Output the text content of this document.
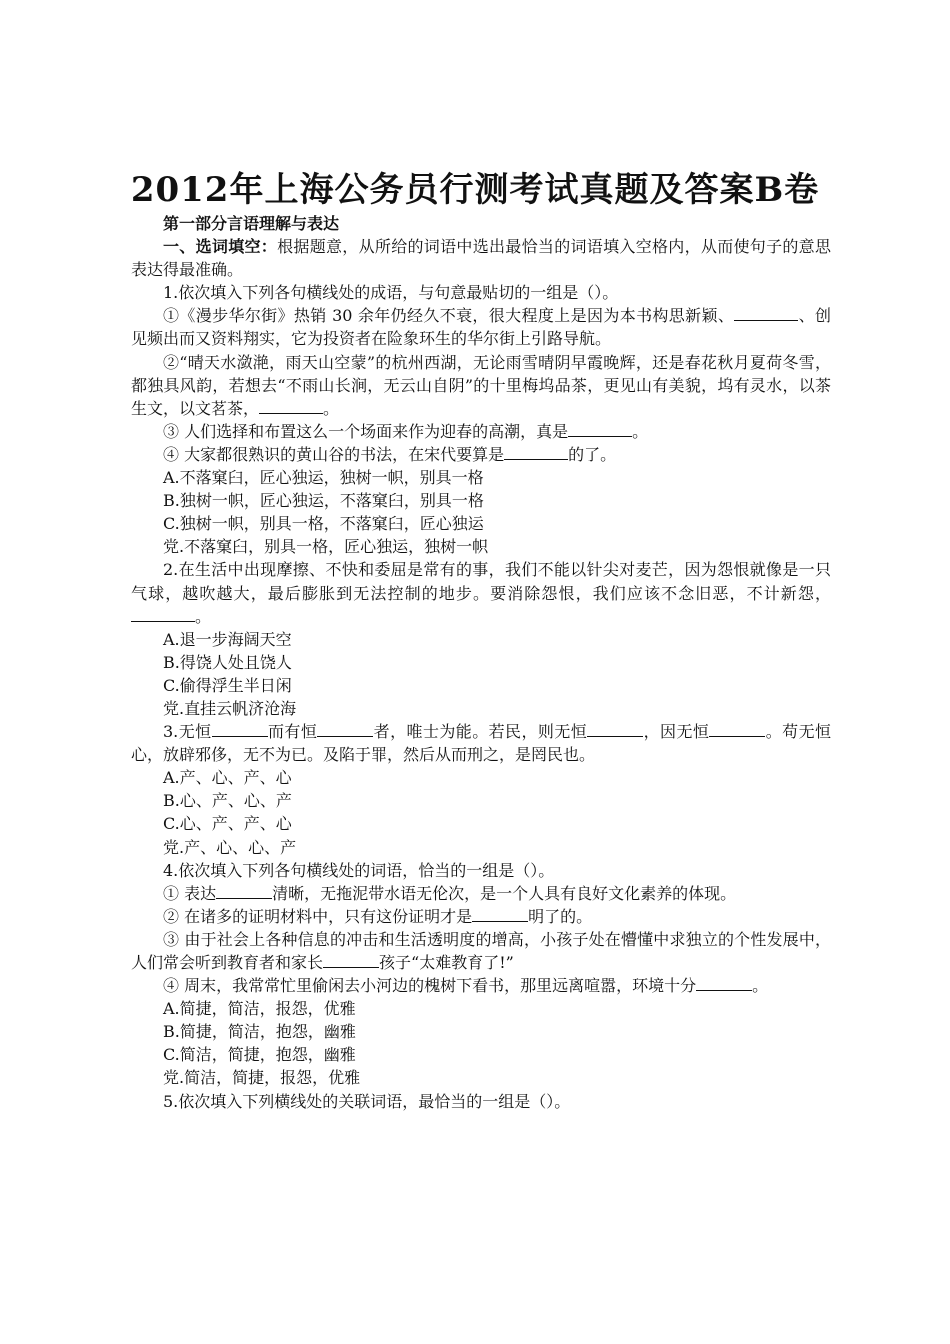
2012年上海公务员行测考试真题及答案B卷

第一部分言语理解与表达

一、选词填空：根据题意，从所给的词语中选出最恰当的词语填入空格内，从而使句子的意思表达得最准确。

1.依次填入下列各句横线处的成语，与句意最贴切的一组是（）。

①《漫步华尔街》热销 30 余年仍经久不衰，很大程度上是因为本书构思新颖、	、创见频出而又资料翔实，它为投资者在险象环生的华尔街上引路导航。

②“晴天水潋滟，雨天山空蒙”的杭州西湖，无论雨雪晴阴早霞晚辉，还是春花秋月夏荷冬雪，都独具风韵，若想去“不雨山长涧，无云山自阴”的十里梅坞品茶，更见山有美貌，坞有灵水，以茶生文，以文茗茶，	。

③ 人们选择和布置这么一个场面来作为迎春的高潮，真是	。

④ 大家都很熟识的黄山谷的书法，在宋代要算是	的了。

A.不落窠臼，匠心独运，独树一帜，别具一格

B.独树一帜，匠心独运，不落窠臼，别具一格

C.独树一帜，别具一格，不落窠臼，匠心独运

党.不落窠臼，别具一格，匠心独运，独树一帜

2.在生活中出现摩擦、不快和委屈是常有的事，我们不能以针尖对麦芒，因为怨恨就像是一只气球，越吹越大，最后膨胀到无法控制的地步。要消除怨恨，我们应该不念旧恶，不计新怨，。

A.退一步海阔天空

B.得饶人处且饶人

C.偷得浮生半日闲

党.直挂云帆济沧海

3.无恒	而有恒	者，唯士为能。若民，则无恒	，因无恒	。苟无恒心，放辟邪侈，无不为已。及陷于罪，然后从而刑之，是罔民也。

A.产、心、产、心

B.心、产、心、产

C.心、产、产、心

党.产、心、心、产

4.依次填入下列各句横线处的词语，恰当的一组是（）。

① 表达	清晰，无拖泥带水语无伦次，是一个人具有良好文化素养的体现。

② 在诸多的证明材料中，只有这份证明才是	明了的。

③ 由于社会上各种信息的冲击和生活透明度的增高，小孩子处在懵懂中求独立的个性发展中，人们常会听到教育者和家长	孩子“太难教育了!”

④ 周末，我常常忙里偷闲去小河边的槐树下看书，那里远离喧嚣，环境十分	。

A.简捷，简洁，报怨，优雅

B.简捷，简洁，抱怨，幽雅

C.简洁，简捷，抱怨，幽雅

党.简洁，简捷，报怨，优雅

5.依次填入下列横线处的关联词语，最恰当的一组是（）。
